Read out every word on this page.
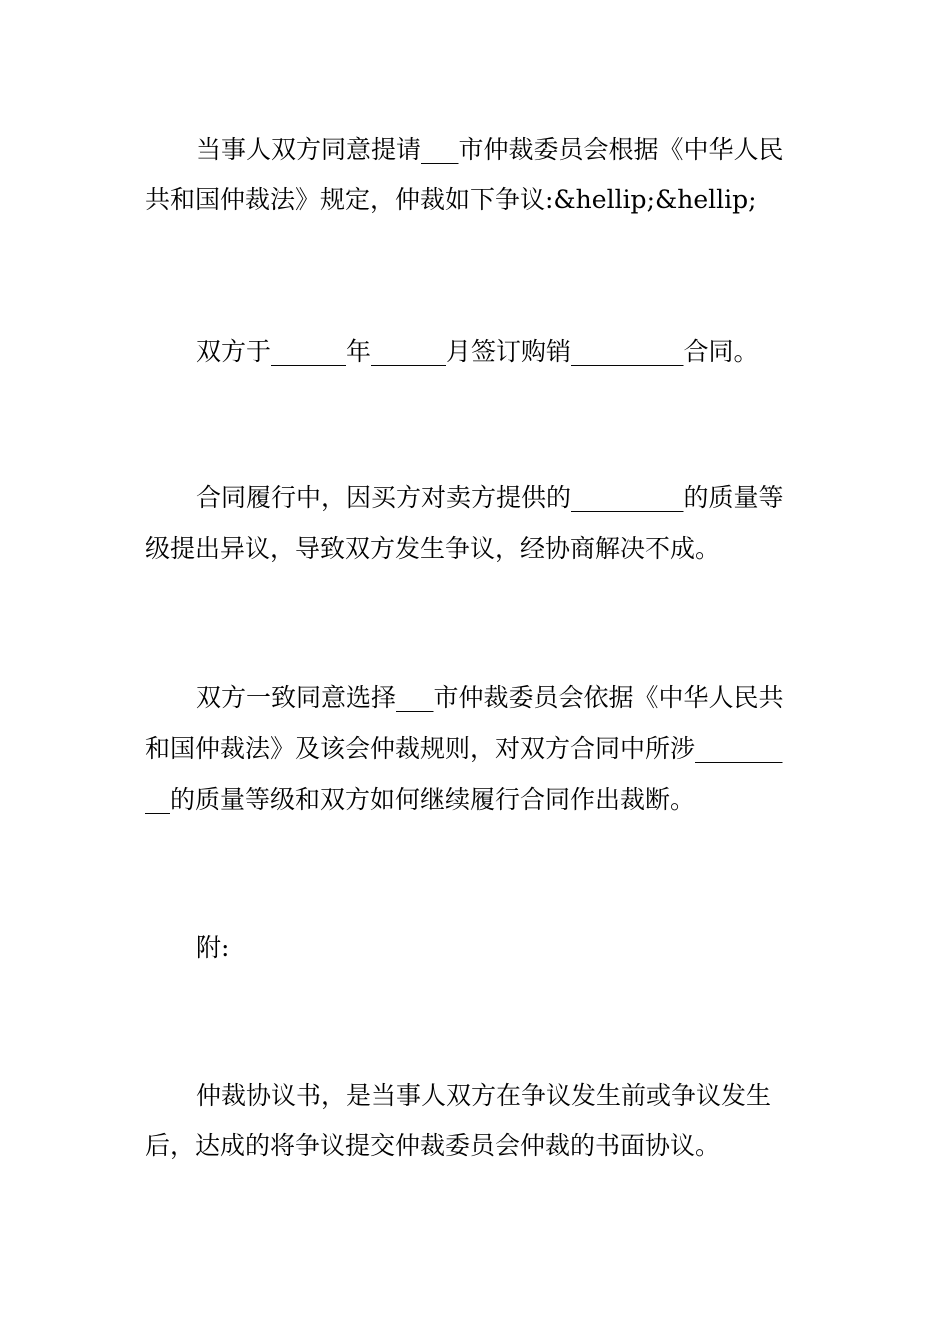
当事人双方同意提请___市仲裁委员会根据《中华人民
共和国仲裁法》规定，仲裁如下争议:&hellip;&hellip;
双方于______年______月签订购销_________合同。
合同履行中，因买方对卖方提供的_________的质量等
级提出异议，导致双方发生争议，经协商解决不成。
双方一致同意选择___市仲裁委员会依据《中华人民共
和国仲裁法》及该会仲裁规则，对双方合同中所涉_______
__的质量等级和双方如何继续履行合同作出裁断。
附:
仲裁协议书，是当事人双方在争议发生前或争议发生
后，达成的将争议提交仲裁委员会仲裁的书面协议。
